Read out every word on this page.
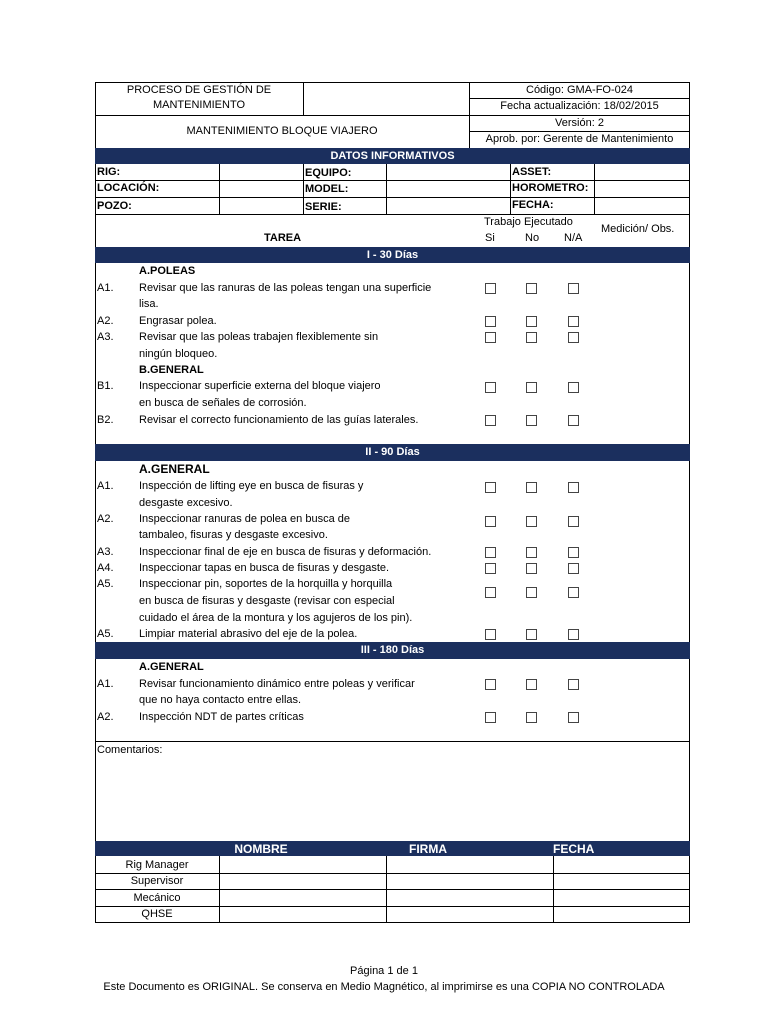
PROCESO DE GESTIÓN DE
MANTENIMIENTO
MANTENIMIENTO BLOQUE VIAJERO
Código: GMA-FO-024
Fecha actualización: 18/02/2015
Versión: 2
Aprob. por: Gerente de Mantenimiento
DATOS INFORMATIVOS
RIG:	EQUIPO:	ASSET:
LOCACIÓN:	MODEL:	HOROMETRO:
POZO:	SERIE:	FECHA:
TAREA
Trabajo Ejecutado
Si	No N/A
Medición/ Obs.
I - 30 Días
A.POLEAS
A1. Revisar que las ranuras de las poleas tengan una superficie
lisa.
A2. Engrasar polea.
A3. Revisar que las poleas trabajen flexiblemente sin
ningún bloqueo.
B.GENERAL
B1. Inspeccionar superficie externa del bloque viajero
en busca de señales de corrosión.
B2. Revisar el correcto funcionamiento de las guías laterales.
II - 90 Días
A.GENERAL
A1. Inspección de lifting eye en busca de fisuras y
desgaste excesivo.
A2. Inspeccionar ranuras de polea en busca de
tambaleo, fisuras y desgaste excesivo.
A3. Inspeccionar final de eje en busca de fisuras y deformación.
A4. Inspeccionar tapas en busca de fisuras y desgaste.
A5. Inspeccionar pin, soportes de la horquilla y horquilla
en busca de fisuras y desgaste (revisar con especial
cuidado el área de la montura y los agujeros de los pin).
A5. Limpiar material abrasivo del eje de la polea.
III - 180 Días
A.GENERAL
A1. Revisar funcionamiento dinámico entre poleas y verificar
que no haya contacto entre ellas.
A2. Inspección NDT de partes críticas
Comentarios:
NOMBRE	FIRMA	FECHA
Rig Manager
Supervisor
Mecánico
QHSE
Página 1 de 1
Este Documento es ORIGINAL. Se conserva en Medio Magnético, al imprimirse es una COPIA NO CONTROLADA
